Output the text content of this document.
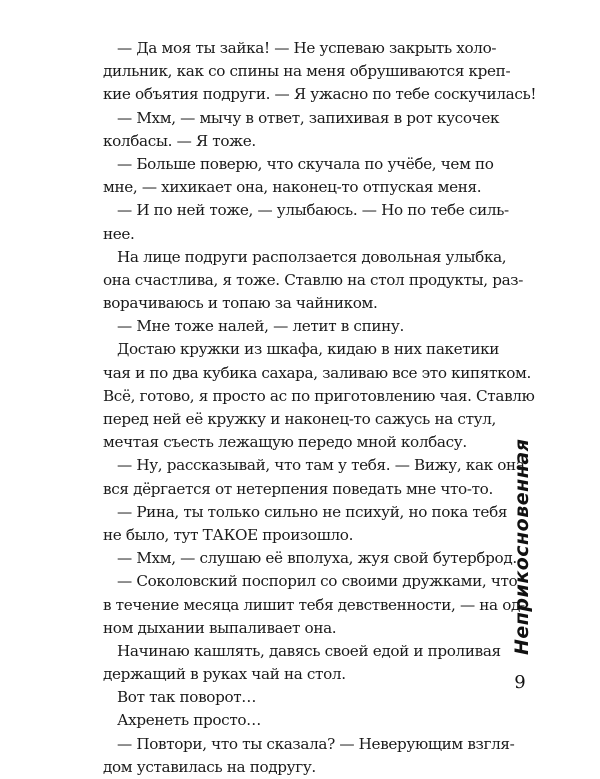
— Да моя ты зайка! — Не успеваю закрыть холо-
дильник, как со спины на меня обрушиваются креп-
кие объятия подруги. — Я ужасно по тебе соскучилась!
— Мхм, — мычу в ответ, запихивая в рот кусочек
колбасы. — Я тоже.
— Больше поверю, что скучала по учёбе, чем по
мне, — хихикает она, наконец-то отпуская меня.
— И по ней тоже, — улыбаюсь. — Но по тебе силь-
нее.
На лице подруги расползается довольная улыбка,
она счастлива, я тоже. Ставлю на стол продукты, раз-
ворачиваюсь и топаю за чайником.
— Мне тоже налей, — летит в спину.
Достаю кружки из шкафа, кидаю в них пакетики
чая и по два кубика сахара, заливаю все это кипятком.
Всё, готово, я просто ас по приготовлению чая. Ставлю
перед ней её кружку и наконец-то сажусь на стул,
мечтая съесть лежащую передо мной колбасу.
— Ну, рассказывай, что там у тебя. — Вижу, как она
вся дёргается от нетерпения поведать мне что-то.
— Рина, ты только сильно не психуй, но пока тебя
не было, тут ТАКОЕ произошло.
— Мхм, — слушаю её вполуха, жуя свой бутерброд.
— Соколовский поспорил со своими дружками, что
в течение месяца лишит тебя девственности, — на од-
ном дыхании выпаливает она.
Начинаю кашлять, давясь своей едой и проливая
держащий в руках чай на стол.
Вот так поворот…
Ахренеть просто…
— Повтори, что ты сказала? — Неверующим взгля-
дом уставилась на подругу.
Неприкосновенная
9
